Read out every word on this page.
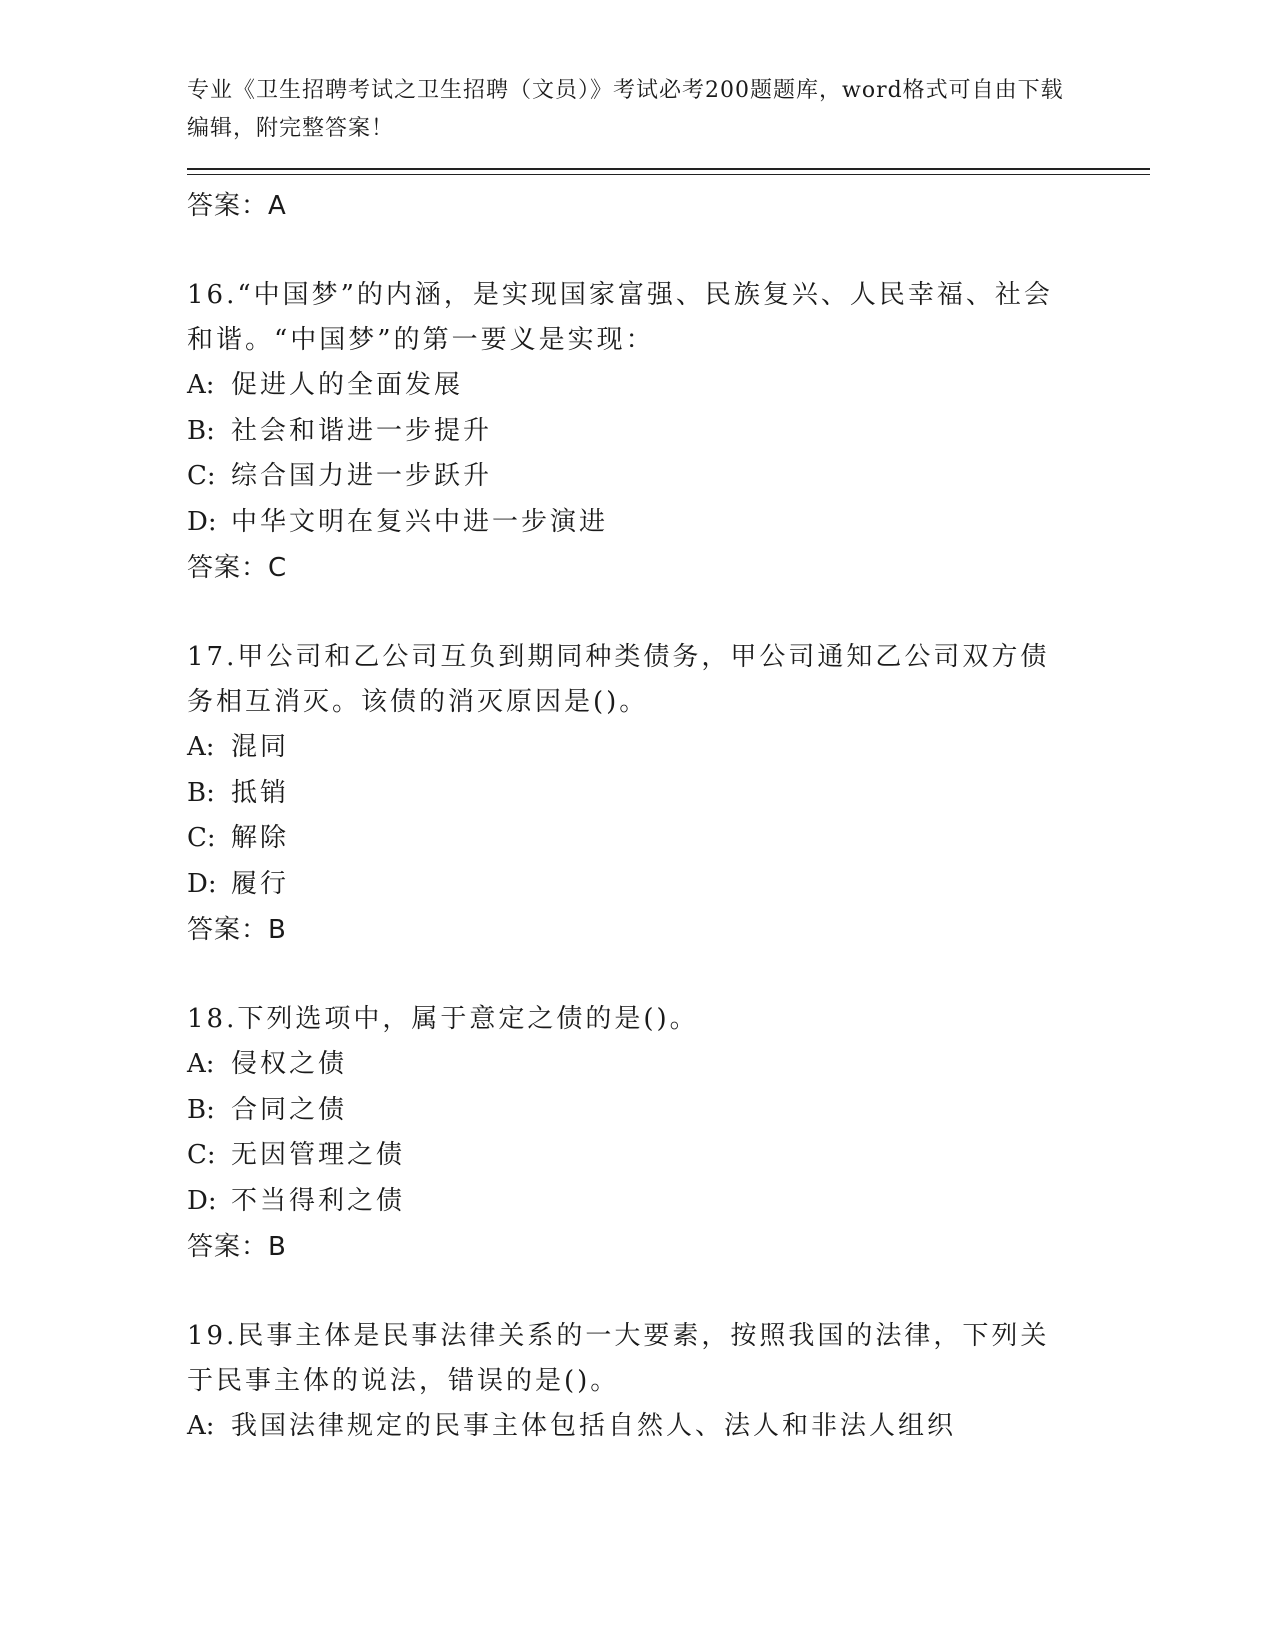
专业《卫生招聘考试之卫生招聘（文员）》考试必考200题题库，word格式可自由下载编辑，附完整答案！
答案：A
16.“中国梦”的内涵，是实现国家富强、民族复兴、人民幸福、社会和谐。“中国梦”的第一要义是实现：
A: 促进人的全面发展
B: 社会和谐进一步提升
C: 综合国力进一步跃升
D: 中华文明在复兴中进一步演进
答案：C
17.甲公司和乙公司互负到期同种类债务，甲公司通知乙公司双方债务相互消灭。该债的消灭原因是()。
A: 混同
B: 抵销
C: 解除
D: 履行
答案：B
18.下列选项中，属于意定之债的是()。
A: 侵权之债
B: 合同之债
C: 无因管理之债
D: 不当得利之债
答案：B
19.民事主体是民事法律关系的一大要素，按照我国的法律，下列关于民事主体的说法，错误的是()。
A: 我国法律规定的民事主体包括自然人、法人和非法人组织
